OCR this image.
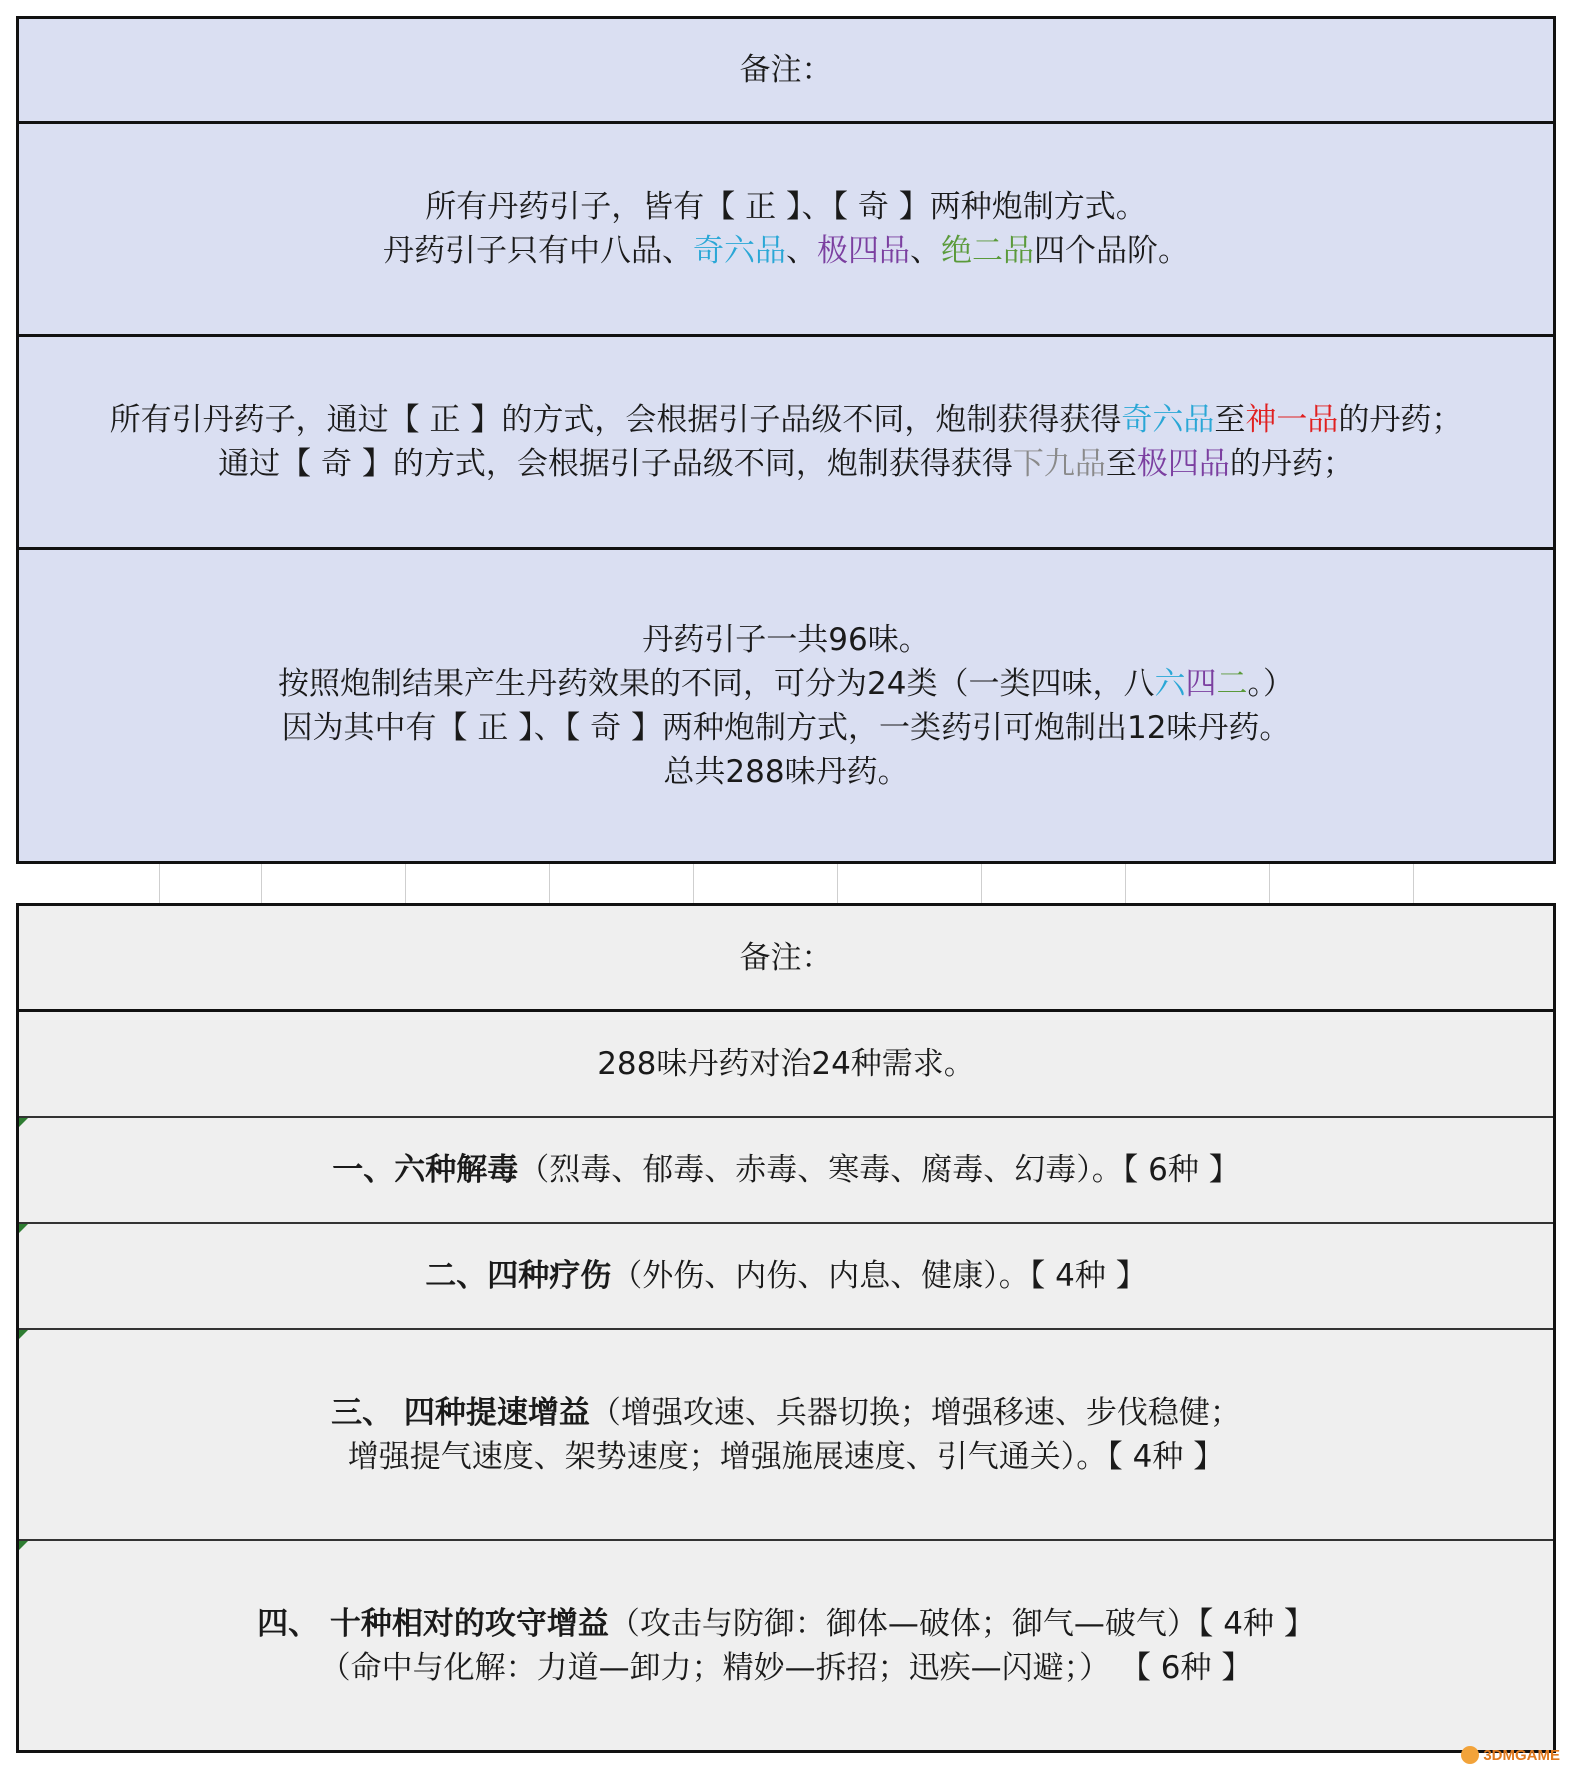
备注：
所有丹药引子，皆有【 正 】、【 奇 】两种炮制方式。
丹药引子只有中八品、奇六品、极四品、绝二品四个品阶。
所有引丹药子，通过【 正 】的方式，会根据引子品级不同，炮制获得获得奇六品至神一品的丹药；
通过【 奇 】的方式，会根据引子品级不同，炮制获得获得下九品至极四品的丹药；
丹药引子一共96味。
按照炮制结果产生丹药效果的不同，可分为24类（一类四味，八六四二。）
因为其中有【 正 】、【 奇 】两种炮制方式，一类药引可炮制出12味丹药。
总共288味丹药。
备注：
288味丹药对治24种需求。
一、六种解毒（烈毒、郁毒、赤毒、寒毒、腐毒、幻毒）。【 6种 】
二、四种疗伤（外伤、内伤、内息、健康）。【 4种 】
三、 四种提速增益（增强攻速、兵器切换；增强移速、步伐稳健；
增强提气速度、架势速度；增强施展速度、引气通关）。【 4种 】
四、 十种相对的攻守增益（攻击与防御：御体—破体；御气—破气）【 4种 】
（命中与化解：力道—卸力；精妙—拆招；迅疾—闪避；） 【 6种 】
3DMGAME
